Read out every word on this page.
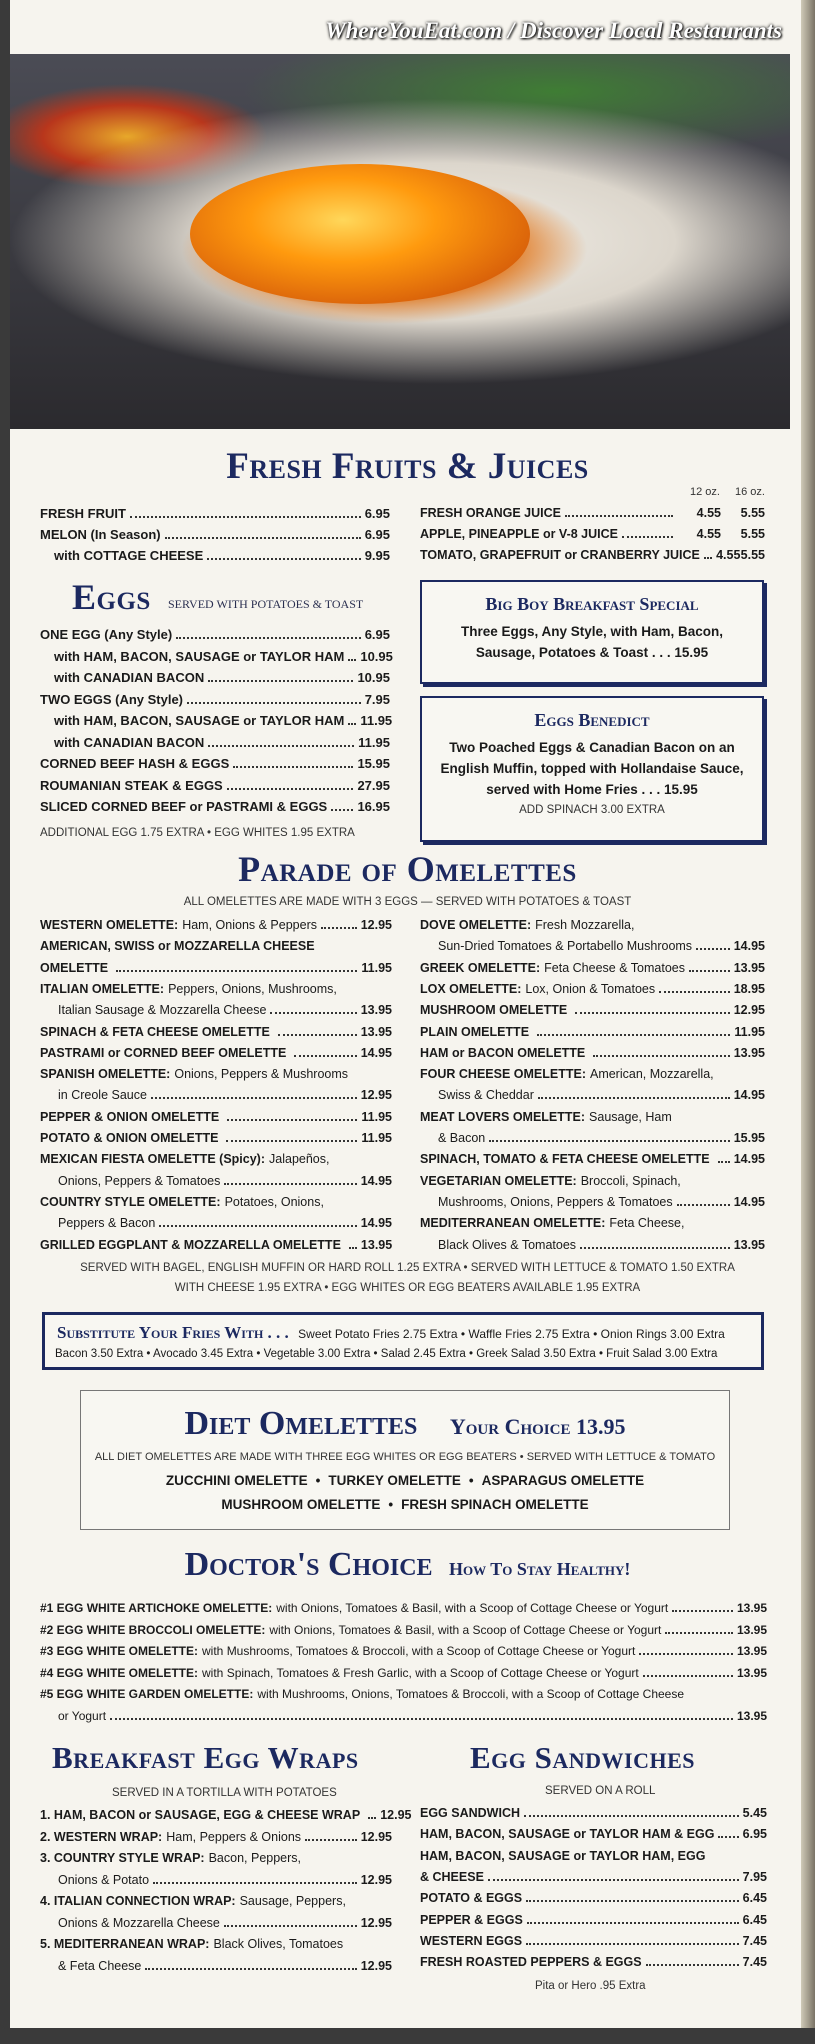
WhereYouEat.com / Discover Local Restaurants
Fresh Fruits & Juices
12 oz. 16 oz.
FRESH FRUIT	6.95
MELON (In Season)	6.95
with COTTAGE CHEESE	9.95
FRESH ORANGE JUICE	4.55	5.55
APPLE, PINEAPPLE or V-8 JUICE	4.55	5.55
TOMATO, GRAPEFRUIT or CRANBERRY JUICE 4.55 5.55
Eggs SERVED WITH POTATOES & TOAST
ONE EGG (Any Style)	6.95
with HAM, BACON, SAUSAGE or TAYLOR HAM 10.95
with CANADIAN BACON	10.95
TWO EGGS (Any Style)	7.95
with HAM, BACON, SAUSAGE or TAYLOR HAM 11.95
with CANADIAN BACON	11.95
CORNED BEEF HASH & EGGS	15.95
ROUMANIAN STEAK & EGGS	27.95
SLICED CORNED BEEF or PASTRAMI & EGGS 16.95
ADDITIONAL EGG 1.75 EXTRA • EGG WHITES 1.95 EXTRA
Big Boy Breakfast Special
Three Eggs, Any Style, with Ham, Bacon,
Sausage, Potatoes & Toast . . . 15.95
Eggs Benedict
Two Poached Eggs & Canadian Bacon on an
English Muffin, topped with Hollandaise Sauce,
served with Home Fries . . . 15.95
ADD SPINACH 3.00 EXTRA
Parade of Omelettes
ALL OMELETTES ARE MADE WITH 3 EGGS — SERVED WITH POTATOES & TOAST
WESTERN OMELETTE: Ham, Onions & Peppers	12.95
AMERICAN, SWISS or MOZZARELLA CHEESE
OMELETTE	11.95
ITALIAN OMELETTE: Peppers, Onions, Mushrooms,
Italian Sausage & Mozzarella Cheese	13.95
SPINACH & FETA CHEESE OMELETTE	13.95
PASTRAMI or CORNED BEEF OMELETTE	14.95
SPANISH OMELETTE: Onions, Peppers & Mushrooms
in Creole Sauce	12.95
PEPPER & ONION OMELETTE	11.95
POTATO & ONION OMELETTE	11.95
MEXICAN FIESTA OMELETTE (Spicy): Jalapeños,
Onions, Peppers & Tomatoes	14.95
COUNTRY STYLE OMELETTE: Potatoes, Onions,
Peppers & Bacon	14.95
GRILLED EGGPLANT & MOZZARELLA OMELETTE 13.95
DOVE OMELETTE: Fresh Mozzarella,
Sun-Dried Tomatoes & Portabello Mushrooms	14.95
GREEK OMELETTE: Feta Cheese & Tomatoes	13.95
LOX OMELETTE: Lox, Onion & Tomatoes	18.95
MUSHROOM OMELETTE	12.95
PLAIN OMELETTE	11.95
HAM or BACON OMELETTE	13.95
FOUR CHEESE OMELETTE: American, Mozzarella,
Swiss & Cheddar	14.95
MEAT LOVERS OMELETTE: Sausage, Ham
& Bacon	15.95
SPINACH, TOMATO & FETA CHEESE OMELETTE 14.95
VEGETARIAN OMELETTE: Broccoli, Spinach,
Mushrooms, Onions, Peppers & Tomatoes	14.95
MEDITERRANEAN OMELETTE: Feta Cheese,
Black Olives & Tomatoes	13.95
SERVED WITH BAGEL, ENGLISH MUFFIN OR HARD ROLL 1.25 EXTRA • SERVED WITH LETTUCE & TOMATO 1.50 EXTRA
WITH CHEESE 1.95 EXTRA • EGG WHITES OR EGG BEATERS AVAILABLE 1.95 EXTRA
Substitute Your Fries With . . . Sweet Potato Fries 2.75 Extra • Waffle Fries 2.75 Extra • Onion Rings 3.00 Extra
Bacon 3.50 Extra • Avocado 3.45 Extra • Vegetable 3.00 Extra • Salad 2.45 Extra • Greek Salad 3.50 Extra • Fruit Salad 3.00 Extra
Diet Omelettes Your Choice 13.95
ALL DIET OMELETTES ARE MADE WITH THREE EGG WHITES OR EGG BEATERS • SERVED WITH LETTUCE & TOMATO
ZUCCHINI OMELETTE • TURKEY OMELETTE • ASPARAGUS OMELETTE
MUSHROOM OMELETTE • FRESH SPINACH OMELETTE
Doctor's Choice How To Stay Healthy!
#1 EGG WHITE ARTICHOKE OMELETTE: with Onions, Tomatoes & Basil, with a Scoop of Cottage Cheese or Yogurt	13.95
#2 EGG WHITE BROCCOLI OMELETTE: with Onions, Tomatoes & Basil, with a Scoop of Cottage Cheese or Yogurt	13.95
#3 EGG WHITE OMELETTE: with Mushrooms, Tomatoes & Broccoli, with a Scoop of Cottage Cheese or Yogurt	13.95
#4 EGG WHITE OMELETTE: with Spinach, Tomatoes & Fresh Garlic, with a Scoop of Cottage Cheese or Yogurt	13.95
#5 EGG WHITE GARDEN OMELETTE: with Mushrooms, Onions, Tomatoes & Broccoli, with a Scoop of Cottage Cheese
or Yogurt	13.95
Breakfast Egg Wraps
SERVED IN A TORTILLA WITH POTATOES
1. HAM, BACON or SAUSAGE, EGG & CHEESE WRAP 12.95
2. WESTERN WRAP: Ham, Peppers & Onions	12.95
3. COUNTRY STYLE WRAP: Bacon, Peppers,
Onions & Potato	12.95
4. ITALIAN CONNECTION WRAP: Sausage, Peppers,
Onions & Mozzarella Cheese	12.95
5. MEDITERRANEAN WRAP: Black Olives, Tomatoes
& Feta Cheese	12.95
Egg Sandwiches
SERVED ON A ROLL
EGG SANDWICH	5.45
HAM, BACON, SAUSAGE or TAYLOR HAM & EGG 6.95
HAM, BACON, SAUSAGE or TAYLOR HAM, EGG
& CHEESE	7.95
POTATO & EGGS	6.45
PEPPER & EGGS	6.45
WESTERN EGGS	7.45
FRESH ROASTED PEPPERS & EGGS	7.45
Pita or Hero .95 Extra
